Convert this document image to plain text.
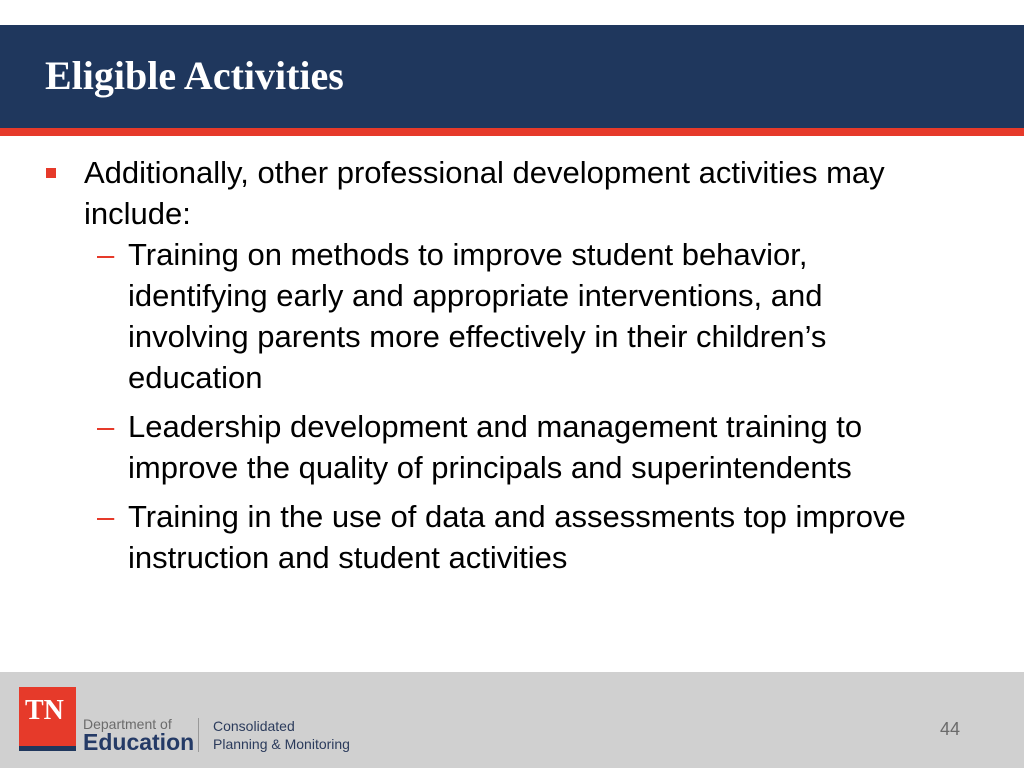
Eligible Activities
Additionally, other professional development activities may include:
– Training on methods to improve student behavior, identifying early and appropriate interventions, and involving parents more effectively in their children’s education
– Leadership development and management training to improve the quality of principals and superintendents
– Training in the use of data and assessments top improve instruction and student activities
TN Department of
Education
Consolidated
Planning & Monitoring
44
